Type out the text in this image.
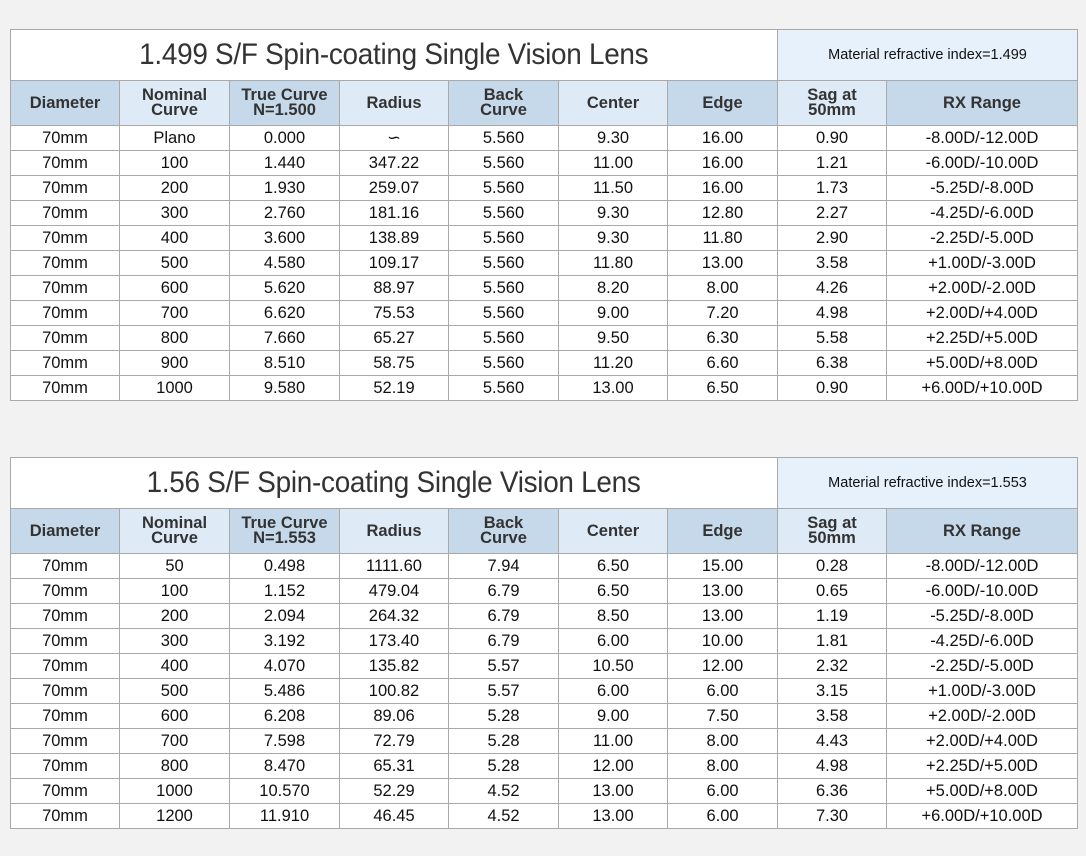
1.499 S/F Spin-coating Single Vision Lens							Material refractive index=1.499	
Diameter	Nominal Curve	True Curve N=1.500	Radius	Back Curve	Center	Edge	Sag at 50mm	RX Range
70mm	Plano	0.000	∽	5.560	9.30	16.00	0.90	-8.00D/-12.00D
70mm	100	1.440	347.22	5.560	11.00	16.00	1.21	-6.00D/-10.00D
70mm	200	1.930	259.07	5.560	11.50	16.00	1.73	-5.25D/-8.00D
70mm	300	2.760	181.16	5.560	9.30	12.80	2.27	-4.25D/-6.00D
70mm	400	3.600	138.89	5.560	9.30	11.80	2.90	-2.25D/-5.00D
70mm	500	4.580	109.17	5.560	11.80	13.00	3.58	+1.00D/-3.00D
70mm	600	5.620	88.97	5.560	8.20	8.00	4.26	+2.00D/-2.00D
70mm	700	6.620	75.53	5.560	9.00	7.20	4.98	+2.00D/+4.00D
70mm	800	7.660	65.27	5.560	9.50	6.30	5.58	+2.25D/+5.00D
70mm	900	8.510	58.75	5.560	11.20	6.60	6.38	+5.00D/+8.00D
70mm	1000	9.580	52.19	5.560	13.00	6.50	0.90	+6.00D/+10.00D
1.56 S/F Spin-coating Single Vision Lens							Material refractive index=1.553	
Diameter	Nominal Curve	True Curve N=1.553	Radius	Back Curve	Center	Edge	Sag at 50mm	RX Range
70mm	50	0.498	1111.60	7.94	6.50	15.00	0.28	-8.00D/-12.00D
70mm	100	1.152	479.04	6.79	6.50	13.00	0.65	-6.00D/-10.00D
70mm	200	2.094	264.32	6.79	8.50	13.00	1.19	-5.25D/-8.00D
70mm	300	3.192	173.40	6.79	6.00	10.00	1.81	-4.25D/-6.00D
70mm	400	4.070	135.82	5.57	10.50	12.00	2.32	-2.25D/-5.00D
70mm	500	5.486	100.82	5.57	6.00	6.00	3.15	+1.00D/-3.00D
70mm	600	6.208	89.06	5.28	9.00	7.50	3.58	+2.00D/-2.00D
70mm	700	7.598	72.79	5.28	11.00	8.00	4.43	+2.00D/+4.00D
70mm	800	8.470	65.31	5.28	12.00	8.00	4.98	+2.25D/+5.00D
70mm	1000	10.570	52.29	4.52	13.00	6.00	6.36	+5.00D/+8.00D
70mm	1200	11.910	46.45	4.52	13.00	6.00	7.30	+6.00D/+10.00D
